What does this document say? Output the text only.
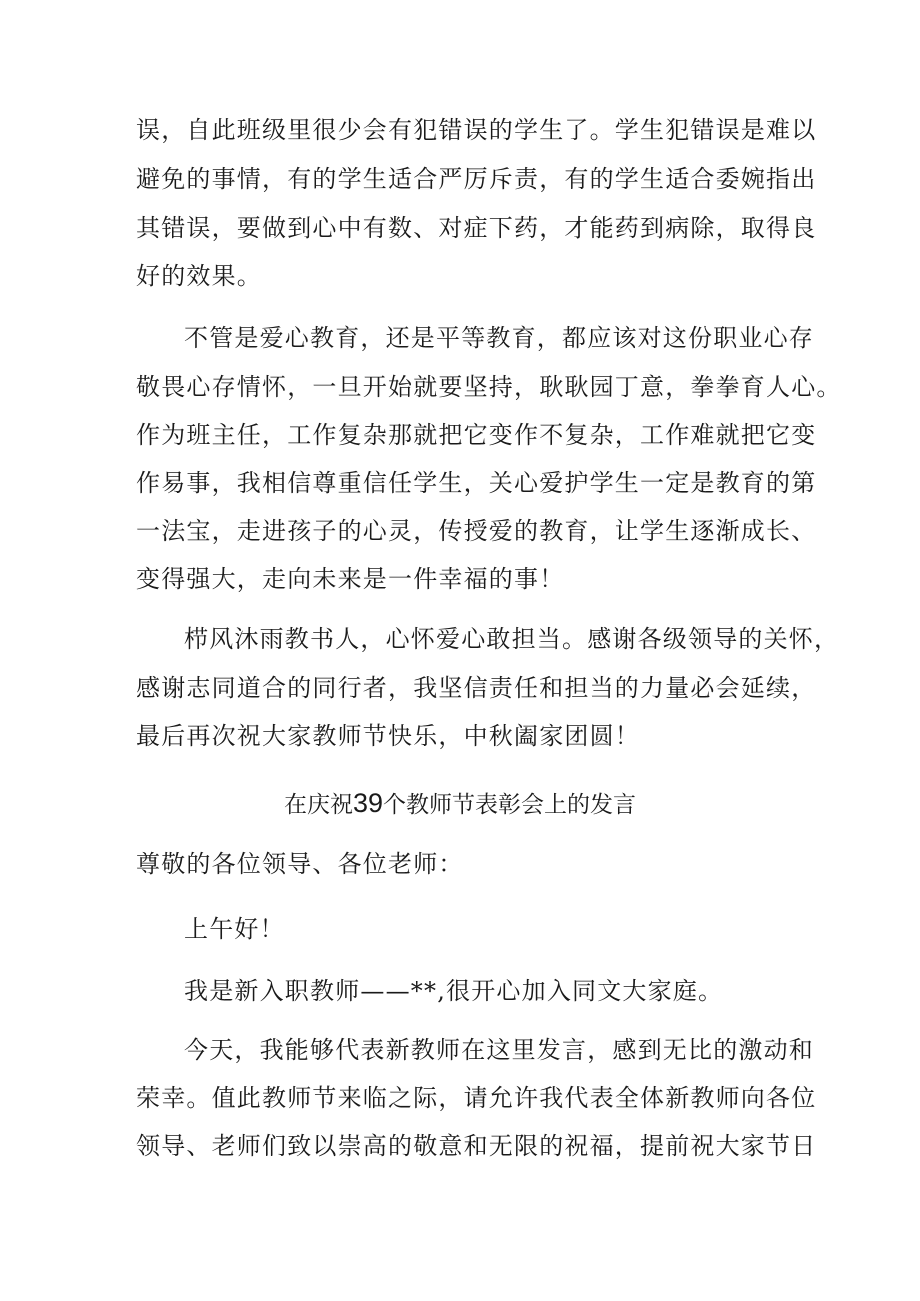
误，自此班级里很少会有犯错误的学生了。学生犯错误是难以
避免的事情，有的学生适合严厉斥责，有的学生适合委婉指出
其错误，要做到心中有数、对症下药，才能药到病除，取得良
好的效果。
不管是爱心教育，还是平等教育，都应该对这份职业心存
敬畏心存情怀，一旦开始就要坚持，耿耿园丁意，拳拳育人心。
作为班主任，工作复杂那就把它变作不复杂，工作难就把它变
作易事，我相信尊重信任学生，关心爱护学生一定是教育的第
一法宝，走进孩子的心灵，传授爱的教育，让学生逐渐成长、
变得强大，走向未来是一件幸福的事！
栉风沐雨教书人，心怀爱心敢担当。感谢各级领导的关怀，
感谢志同道合的同行者，我坚信责任和担当的力量必会延续，
最后再次祝大家教师节快乐，中秋阖家团圆！
在庆祝39个教师节表彰会上的发言
尊敬的各位领导、各位老师：
上午好！
我是新入职教师——**,很开心加入同文大家庭。
今天，我能够代表新教师在这里发言，感到无比的激动和
荣幸。值此教师节来临之际，请允许我代表全体新教师向各位
领导、老师们致以崇高的敬意和无限的祝福，提前祝大家节日
